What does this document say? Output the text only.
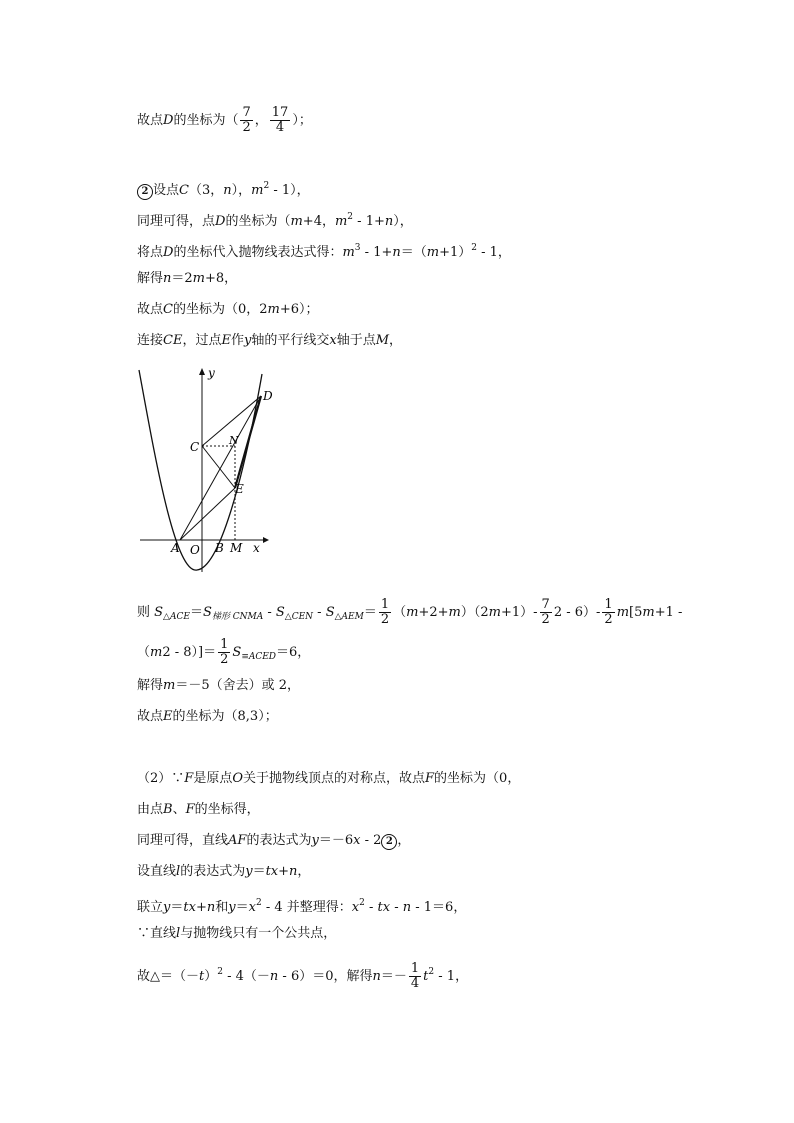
故点D的坐标为（ $\frac{7}{2}$ ， $\frac{17}{4}$ ）；
2 设点C（3，n），$m^2 - 1$），
同理可得，点D的坐标为（m+4，$m^2 - 1+n$），
将点D的坐标代入抛物线表达式得：$m^3 - 1+n=(m+1)^2 - 1$，
解得n＝2m+8，
故点C的坐标为（0，2m+6）；
连接CE，过点E作y轴的平行线交x轴于点M，
y
x
D
C	N
E
A O B M
则 $S_{\triangle ACE}=S_{梯形 CNMA} - S_{\triangle CEN} - S_{\triangle AEM}= \frac{1}{2} (m+2+m)(2m+1)- \frac{7}{2} 2 - 6)- \frac{1}{2} m[5m+1$ -
$(m2 - 8)]= \frac{1}{2} S_{\equiv ACED}=6$，
解得m＝－5（舍去）或 2，
故点E的坐标为（8,3）；
（2）∵F是原点O关于抛物线顶点的对称点，故点F的坐标为（0，
由点B、F的坐标得，
同理可得，直线AF的表达式为y＝－6x - 2 2 ，
设直线l的表达式为y＝tx+n，
联立y＝tx+n和$y=x^2 - 4$ 并整理得：$x^2$ - tx - n - 1＝6，
∵直线l与抛物线只有一个公共点，
故$\triangle=(-t)^2 - 4(-n - 6)=0$，解得$n=- \frac{1}{4} t^2 - 1$，
